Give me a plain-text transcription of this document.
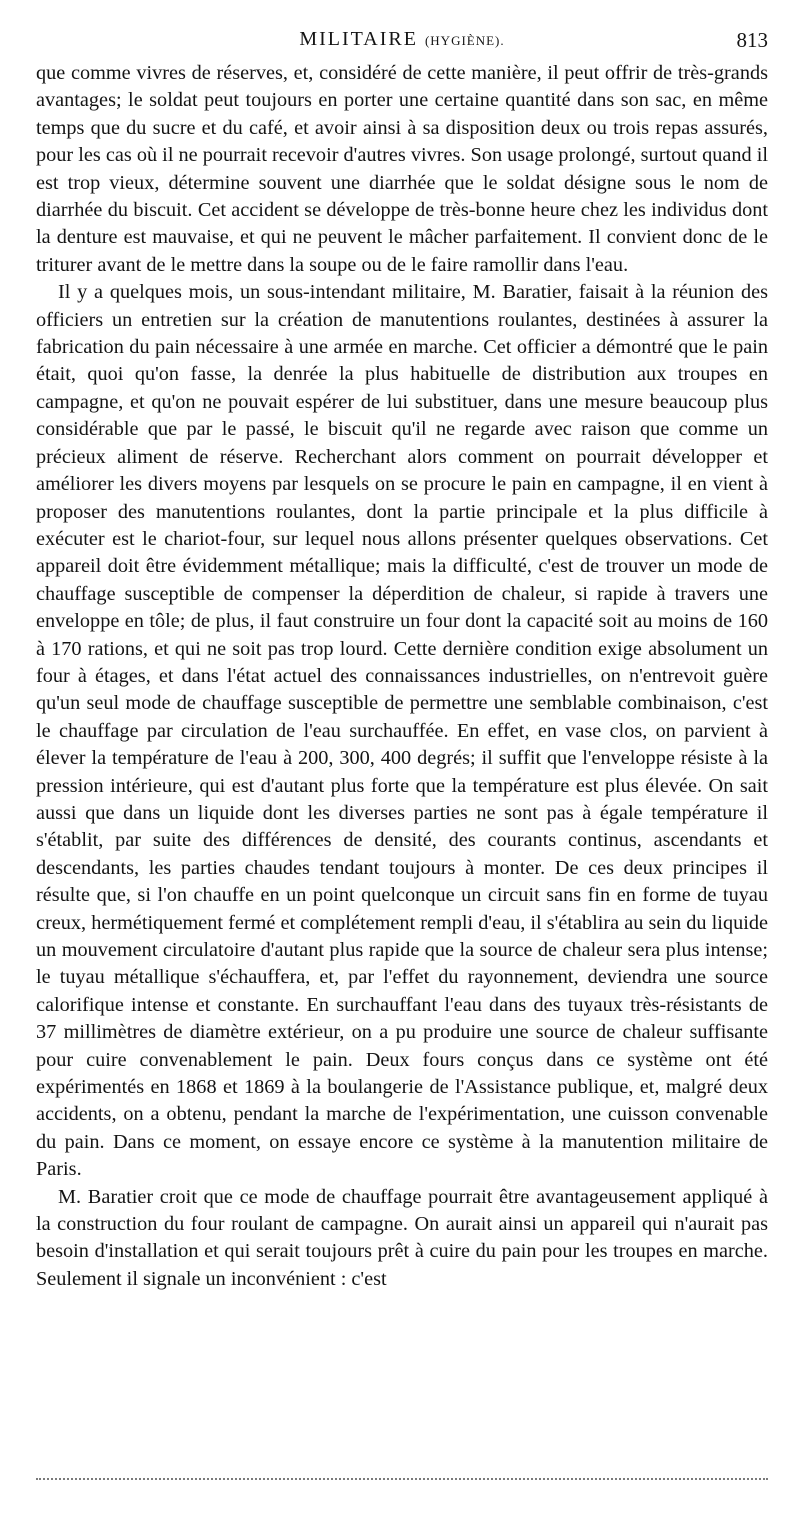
MILITAIRE (HYGIÈNE).	813

que comme vivres de réserves, et, considéré de cette manière, il peut offrir de très-grands avantages; le soldat peut toujours en porter une certaine quantité dans son sac, en même temps que du sucre et du café, et avoir ainsi à sa disposition deux ou trois repas assurés, pour les cas où il ne pourrait recevoir d'autres vivres. Son usage prolongé, surtout quand il est trop vieux, détermine souvent une diarrhée que le soldat désigne sous le nom de diarrhée du biscuit. Cet accident se développe de très-bonne heure chez les individus dont la denture est mauvaise, et qui ne peuvent le mâcher parfaitement. Il convient donc de le triturer avant de le mettre dans la soupe ou de le faire ramollir dans l'eau.

Il y a quelques mois, un sous-intendant militaire, M. Baratier, faisait à la réunion des officiers un entretien sur la création de manutentions roulantes, destinées à assurer la fabrication du pain nécessaire à une armée en marche. Cet officier a démontré que le pain était, quoi qu'on fasse, la denrée la plus habituelle de distribution aux troupes en campagne, et qu'on ne pouvait espérer de lui substituer, dans une mesure beaucoup plus considérable que par le passé, le biscuit qu'il ne regarde avec raison que comme un précieux aliment de réserve. Recherchant alors comment on pourrait développer et améliorer les divers moyens par lesquels on se procure le pain en campagne, il en vient à proposer des manutentions roulantes, dont la partie principale et la plus difficile à exécuter est le chariot-four, sur lequel nous allons présenter quelques observations. Cet appareil doit être évidemment métallique; mais la difficulté, c'est de trouver un mode de chauffage susceptible de compenser la déperdition de chaleur, si rapide à travers une enveloppe en tôle; de plus, il faut construire un four dont la capacité soit au moins de 160 à 170 rations, et qui ne soit pas trop lourd. Cette dernière condition exige absolument un four à étages, et dans l'état actuel des connaissances industrielles, on n'entrevoit guère qu'un seul mode de chauffage susceptible de permettre une semblable combinaison, c'est le chauffage par circulation de l'eau surchauffée. En effet, en vase clos, on parvient à élever la température de l'eau à 200, 300, 400 degrés; il suffit que l'enveloppe résiste à la pression intérieure, qui est d'autant plus forte que la température est plus élevée. On sait aussi que dans un liquide dont les diverses parties ne sont pas à égale température il s'établit, par suite des différences de densité, des courants continus, ascendants et descendants, les parties chaudes tendant toujours à monter. De ces deux principes il résulte que, si l'on chauffe en un point quelconque un circuit sans fin en forme de tuyau creux, hermétiquement fermé et complétement rempli d'eau, il s'établira au sein du liquide un mouvement circulatoire d'autant plus rapide que la source de chaleur sera plus intense; le tuyau métallique s'échauffera, et, par l'effet du rayonnement, deviendra une source calorifique intense et constante. En surchauffant l'eau dans des tuyaux très-résistants de 37 millimètres de diamètre extérieur, on a pu produire une source de chaleur suffisante pour cuire convenablement le pain. Deux fours conçus dans ce système ont été expérimentés en 1868 et 1869 à la boulangerie de l'Assistance publique, et, malgré deux accidents, on a obtenu, pendant la marche de l'expérimentation, une cuisson convenable du pain. Dans ce moment, on essaye encore ce système à la manutention militaire de Paris.

M. Baratier croit que ce mode de chauffage pourrait être avantageusement appliqué à la construction du four roulant de campagne. On aurait ainsi un appareil qui n'aurait pas besoin d'installation et qui serait toujours prêt à cuire du pain pour les troupes en marche. Seulement il signale un inconvénient : c'est
